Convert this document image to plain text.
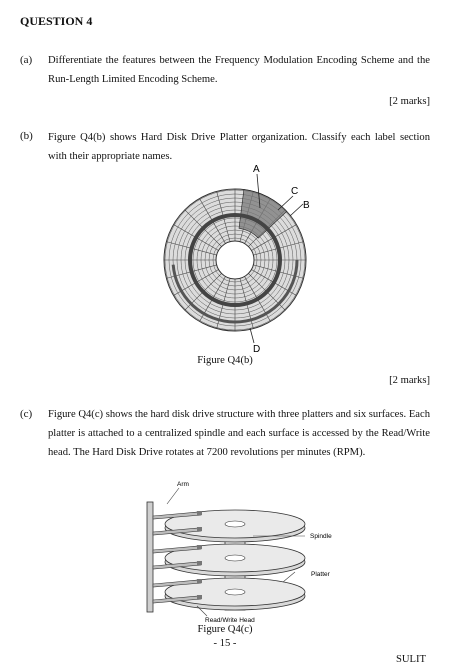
QUESTION 4
(a) Differentiate the features between the Frequency Modulation Encoding Scheme and the Run-Length Limited Encoding Scheme.
[2 marks]
(b) Figure Q4(b) shows Hard Disk Drive Platter organization. Classify each label section with their appropriate names.
A
C
B
D
Figure Q4(b)
[2 marks]
(c) Figure Q4(c) shows the hard disk drive structure with three platters and six surfaces. Each platter is attached to a centralized spindle and each surface is accessed by the Read/Write head. The Hard Disk Drive rotates at 7200 revolutions per minutes (RPM).
Arm
Spindle
Platter
Read/Write Head
Figure Q4(c)
- 15 -
SULIT
